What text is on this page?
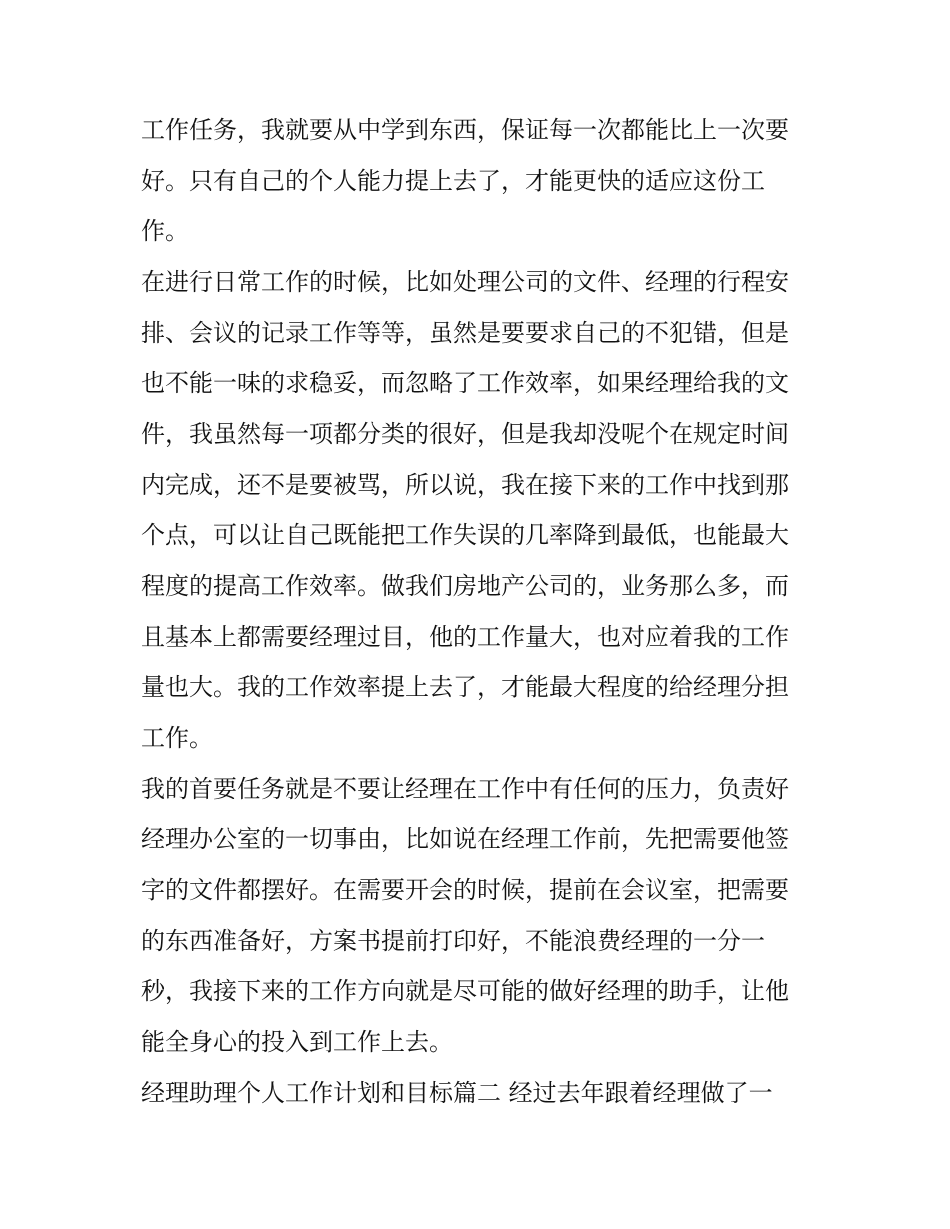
工作任务，我就要从中学到东西，保证每一次都能比上一次要
好。只有自己的个人能力提上去了，才能更快的适应这份工
作。
在进行日常工作的时候，比如处理公司的文件、经理的行程安
排、会议的记录工作等等，虽然是要要求自己的不犯错，但是
也不能一味的求稳妥，而忽略了工作效率，如果经理给我的文
件，我虽然每一项都分类的很好，但是我却没呢个在规定时间
内完成，还不是要被骂，所以说，我在接下来的工作中找到那
个点，可以让自己既能把工作失误的几率降到最低，也能最大
程度的提高工作效率。做我们房地产公司的，业务那么多，而
且基本上都需要经理过目，他的工作量大，也对应着我的工作
量也大。我的工作效率提上去了，才能最大程度的给经理分担
工作。
我的首要任务就是不要让经理在工作中有任何的压力，负责好
经理办公室的一切事由，比如说在经理工作前，先把需要他签
字的文件都摆好。在需要开会的时候，提前在会议室，把需要
的东西准备好，方案书提前打印好，不能浪费经理的一分一
秒，我接下来的工作方向就是尽可能的做好经理的助手，让他
能全身心的投入到工作上去。
经理助理个人工作计划和目标篇二 经过去年跟着经理做了一
